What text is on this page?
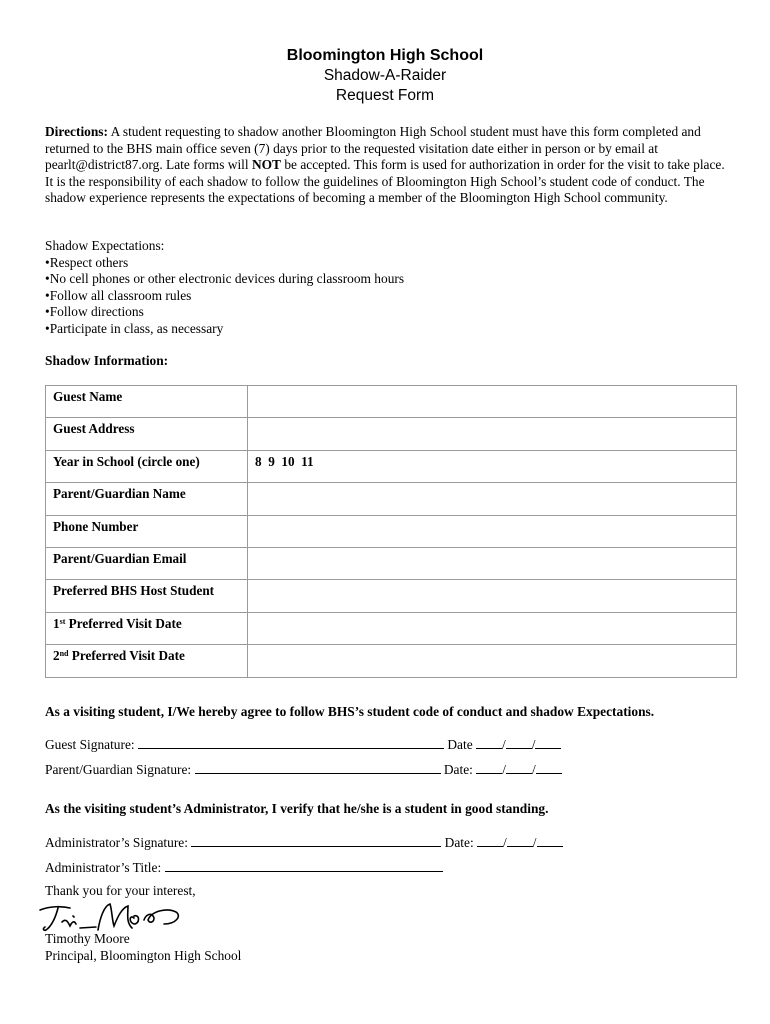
Bloomington High School
Shadow-A-Raider
Request Form

Directions: A student requesting to shadow another Bloomington High School student must have this form completed and returned to the BHS main office seven (7) days prior to the requested visitation date either in person or by email at pearlt@district87.org. Late forms will NOT be accepted. This form is used for authorization in order for the visit to take place. It is the responsibility of each shadow to follow the guidelines of Bloomington High School’s student code of conduct. The shadow experience represents the expectations of becoming a member of the Bloomington High School community.

Shadow Expectations:
•Respect others
•No cell phones or other electronic devices during classroom hours
•Follow all classroom rules
•Follow directions
•Participate in class, as necessary
Shadow Information:
Guest Name	
Guest Address	
Year in School (circle one)	8  9  10  11
Parent/Guardian Name	
Phone Number	
Parent/Guardian Email	
Preferred BHS Host Student	
1st Preferred Visit Date	
2nd Preferred Visit Date	
As a visiting student, I/We hereby agree to follow BHS’s student code of conduct and shadow Expectations.
Guest Signature:	Date / /
Parent/Guardian Signature:	Date: / /
As the visiting student’s Administrator, I verify that he/she is a student in good standing.
Administrator’s Signature:	Date: / /
Administrator’s Title:
Thank you for your interest,
Timothy Moore
Principal, Bloomington High School
